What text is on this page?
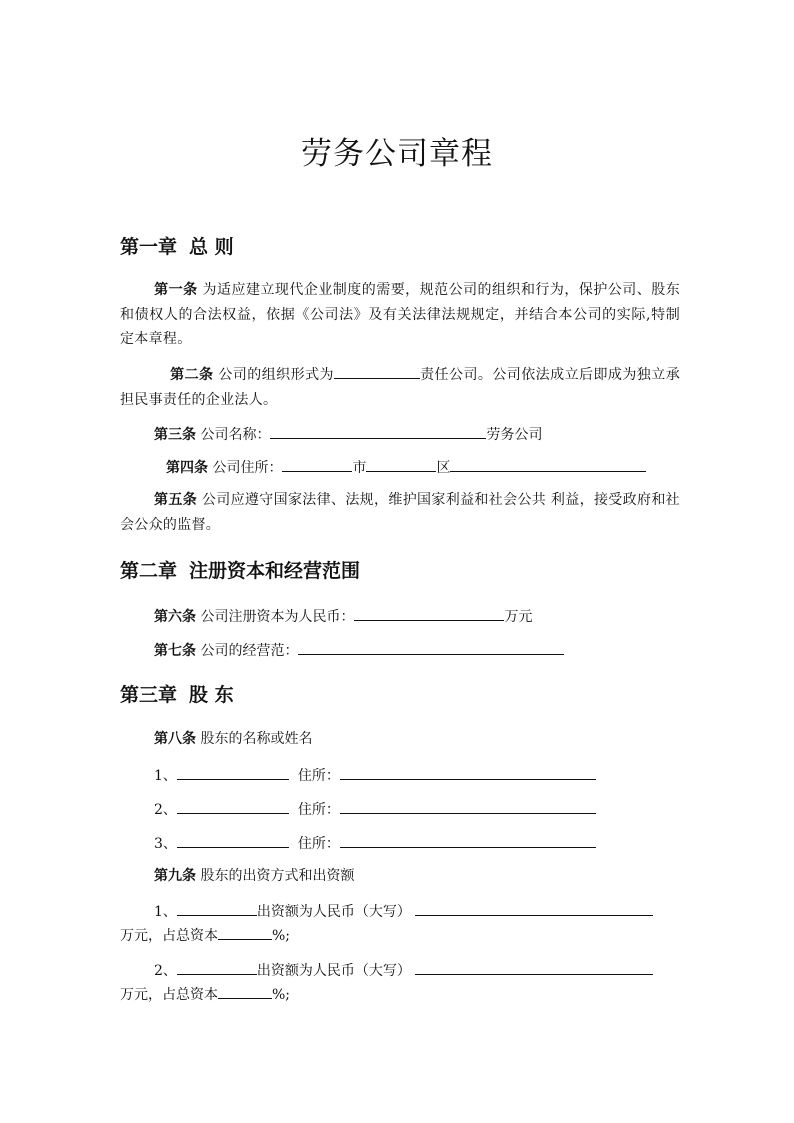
劳务公司章程
第一章 总 则
第一条 为适应建立现代企业制度的需要，规范公司的组织和行为，保护公司、股东和债权人的合法权益，依据《公司法》及有关法律法规规定，并结合本公司的实际,特制定本章程。
第二条 公司的组织形式为	责任公司。公司依法成立后即成为独立承担民事责任的企业法人。
第三条 公司名称：	劳务公司
第四条 公司住所：	市	区
第五条 公司应遵守国家法律、法规，维护国家利益和社会公共 利益，接受政府和社会公众的监督。
第二章 注册资本和经营范围
第六条 公司注册资本为人民币：	万元
第七条 公司的经营范：
第三章 股 东
第八条 股东的名称或姓名
1、	住所：
2、	住所：
3、	住所：
第九条 股东的出资方式和出资额
1、	出资额为人民币（大写）
万元，占总资本	%;
2、	出资额为人民币（大写）
万元，占总资本	%;
